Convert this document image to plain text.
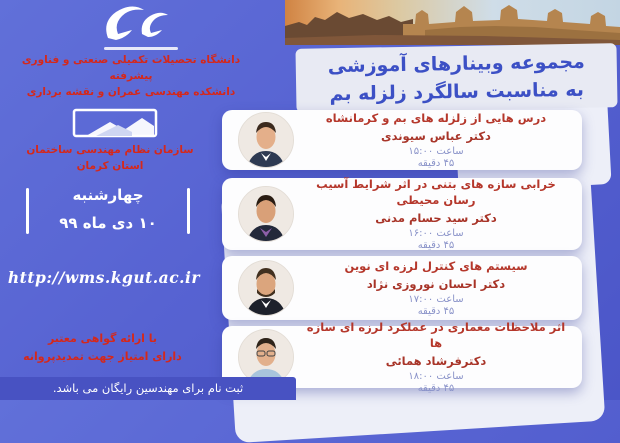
مجموعه وبینارهای آموزشی
به مناسبت سالگرد زلزله بم
درس هایی از زلزله های بم و کرمانشاه
دکتر عباس سیوندی
ساعت ۱۵:۰۰
۴۵ دقیقه
خرابی سازه های بتنی در اثر شرایط آسیب رسان محیطی
دکتر سید حسام مدنی
ساعت ۱۶:۰۰
۴۵ دقیقه
سیستم های کنترل لرزه ای نوین
دکتر احسان نوروزی نژاد
ساعت ۱۷:۰۰
۴۵ دقیقه
اثر ملاحظات معماری در عملکرد لرزه ای سازه ها
دکترفرشاد همائی
ساعت ۱۸:۰۰
۴۵ دقیقه
دانشگاه تحصیلات تکمیلی صنعتی و فناوری پیشرفته
دانشکده مهندسی عمران و نقشه برداری
سازمان نظام مهندسی ساختمان
استان کرمان
چهارشنبه
۱۰ دی ماه ۹۹
http://wms.kgut.ac.ir
با ارائه گواهی معتبر
دارای امتیاز جهت تمدیدپروانه
ثبت نام برای مهندسین رایگان می باشد.
